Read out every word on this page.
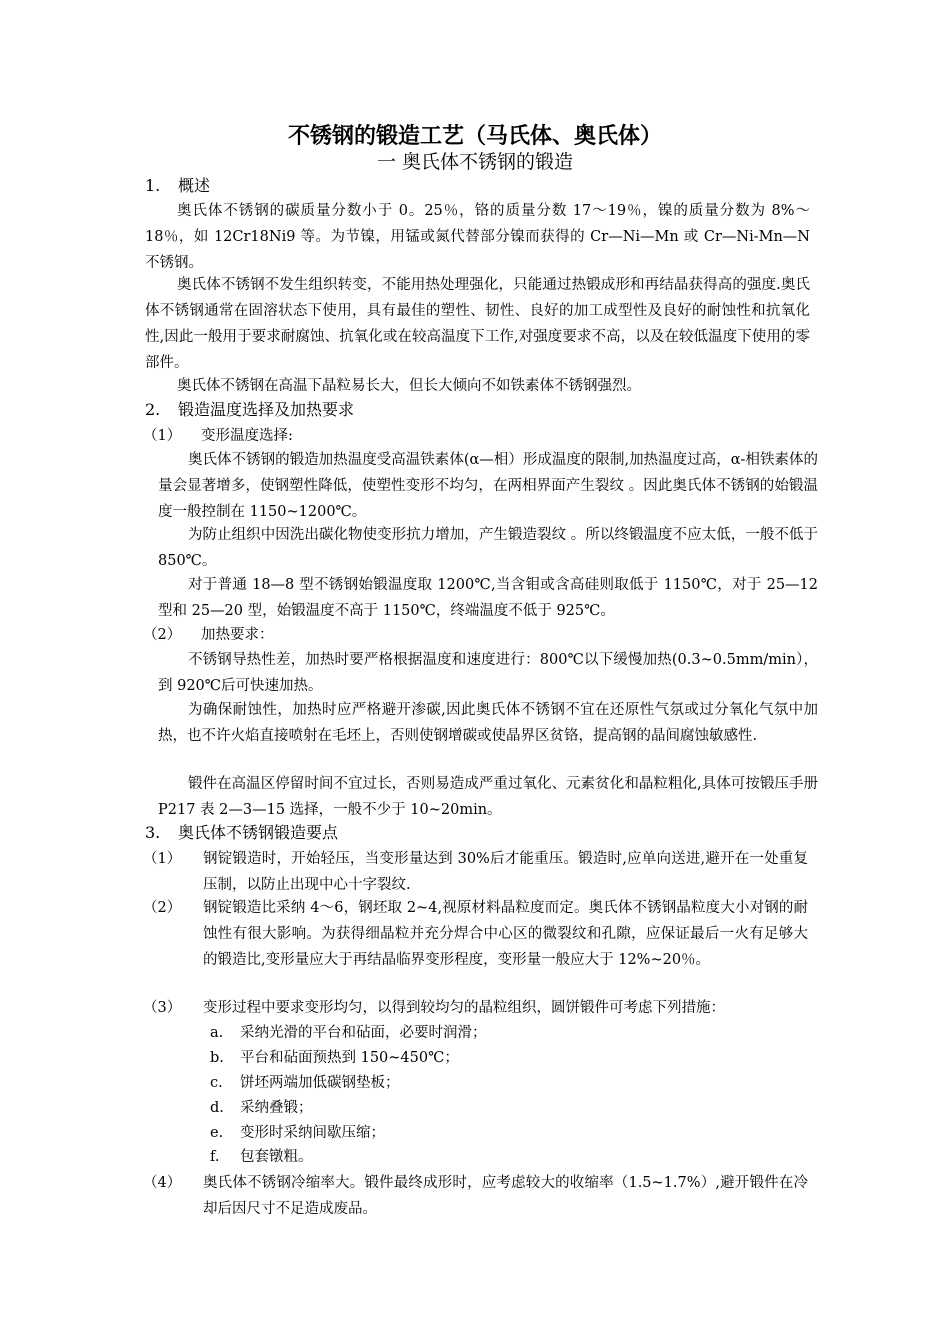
不锈钢的锻造工艺（马氏体、奥氏体）
一 奥氏体不锈钢的锻造
1. 概述
奥氏体不锈钢的碳质量分数小于 0。25％，铬的质量分数 17～19％，镍的质量分数为 8%～18％，如 12Cr18Ni9 等。为节镍，用锰或氮代替部分镍而获得的 Cr—Ni—Mn 或 Cr—Ni-Mn—N 不锈钢。
奥氏体不锈钢不发生组织转变，不能用热处理强化，只能通过热锻成形和再结晶获得高的强度.奥氏体不锈钢通常在固溶状态下使用，具有最佳的塑性、韧性、良好的加工成型性及良好的耐蚀性和抗氧化性,因此一般用于要求耐腐蚀、抗氧化或在较高温度下工作,对强度要求不高，以及在较低温度下使用的零部件。
奥氏体不锈钢在高温下晶粒易长大，但长大倾向不如铁素体不锈钢强烈。
2. 锻造温度选择及加热要求
（1） 变形温度选择:
奥氏体不锈钢的锻造加热温度受高温铁素体(α—相）形成温度的限制,加热温度过高，α-相铁素体的量会显著增多，使钢塑性降低，使塑性变形不均匀，在两相界面产生裂纹 。因此奥氏体不锈钢的始锻温度一般控制在 1150~1200℃。
为防止组织中因洗出碳化物使变形抗力增加，产生锻造裂纹 。所以终锻温度不应太低，一般不低于 850℃。
对于普通 18—8 型不锈钢始锻温度取 1200℃,当含钼或含高硅则取低于 1150℃，对于 25—12 型和 25—20 型，始锻温度不高于 1150℃，终端温度不低于 925℃。
（2） 加热要求：
不锈钢导热性差，加热时要严格根据温度和速度进行：800℃以下缓慢加热(0.3~0.5mm/min），到 920℃后可快速加热。
为确保耐蚀性，加热时应严格避开渗碳,因此奥氏体不锈钢不宜在还原性气氛或过分氧化气氛中加热，也不许火焰直接喷射在毛坯上，否则使钢增碳或使晶界区贫铬，提高钢的晶间腐蚀敏感性.
锻件在高温区停留时间不宜过长，否则易造成严重过氧化、元素贫化和晶粒粗化,具体可按锻压手册 P217 表 2—3—15 选择，一般不少于 10~20min。
3. 奥氏体不锈钢锻造要点
（1） 钢锭锻造时，开始轻压，当变形量达到 30%后才能重压。锻造时,应单向送进,避开在一处重复压制，以防止出现中心十字裂纹.
（2） 钢锭锻造比采纳 4～6，钢坯取 2~4,视原材料晶粒度而定。奥氏体不锈钢晶粒度大小对钢的耐蚀性有很大影响。为获得细晶粒并充分焊合中心区的微裂纹和孔隙，应保证最后一火有足够大的锻造比,变形量应大于再结晶临界变形程度，变形量一般应大于 12%~20％。
（3） 变形过程中要求变形均匀，以得到较均匀的晶粒组织，圆饼锻件可考虑下列措施：
a. 采纳光滑的平台和砧面，必要时润滑；
b. 平台和砧面预热到 150~450℃；
c. 饼坯两端加低碳钢垫板；
d. 采纳叠锻；
e. 变形时采纳间歇压缩；
f. 包套镦粗。
（4） 奥氏体不锈钢冷缩率大。锻件最终成形时，应考虑较大的收缩率（1.5~1.7%）,避开锻件在冷却后因尺寸不足造成废品。
